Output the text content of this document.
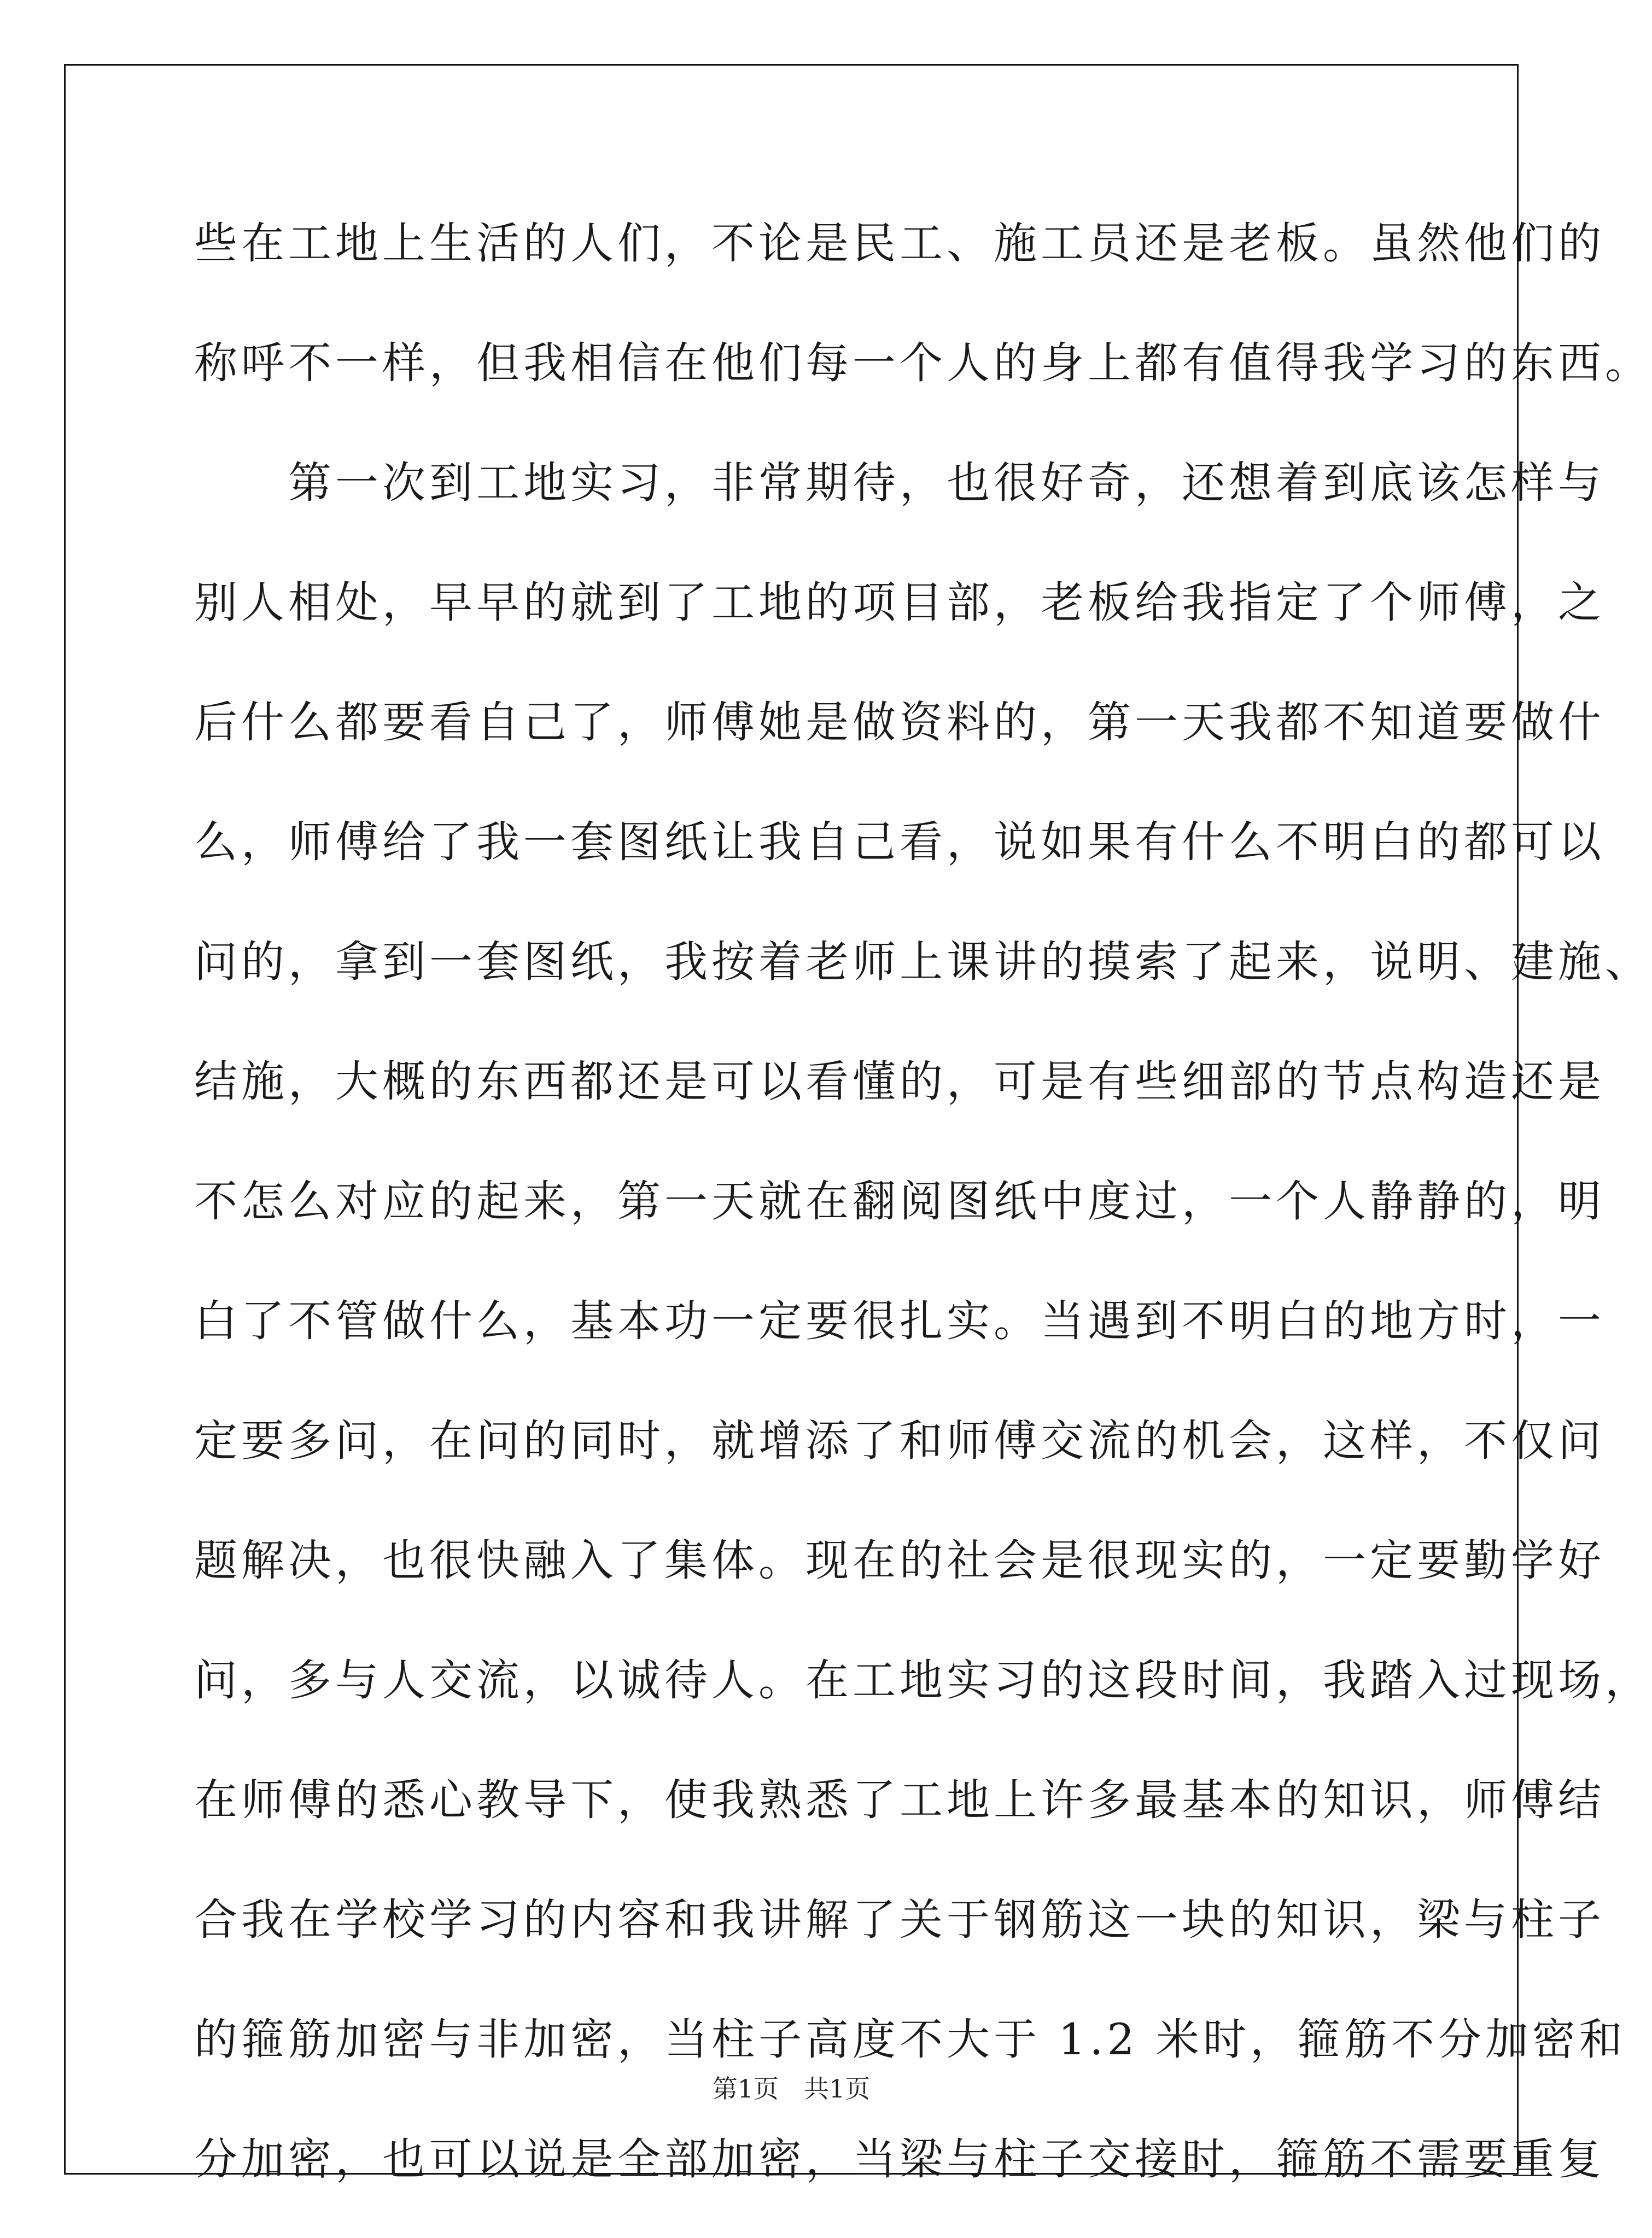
些在工地上生活的人们，不论是民工、施工员还是老板。虽然他们的
称呼不一样，但我相信在他们每一个人的身上都有值得我学习的东西。
第一次到工地实习，非常期待，也很好奇，还想着到底该怎样与
别人相处，早早的就到了工地的项目部，老板给我指定了个师傅，之
后什么都要看自己了，师傅她是做资料的，第一天我都不知道要做什
么，师傅给了我一套图纸让我自己看，说如果有什么不明白的都可以
问的，拿到一套图纸，我按着老师上课讲的摸索了起来，说明、建施、
结施，大概的东西都还是可以看懂的，可是有些细部的节点构造还是
不怎么对应的起来，第一天就在翻阅图纸中度过，一个人静静的，明
白了不管做什么，基本功一定要很扎实。当遇到不明白的地方时，一
定要多问，在问的同时，就增添了和师傅交流的机会，这样，不仅问
题解决，也很快融入了集体。现在的社会是很现实的，一定要勤学好
问，多与人交流，以诚待人。在工地实习的这段时间，我踏入过现场，
在师傅的悉心教导下，使我熟悉了工地上许多最基本的知识，师傅结
合我在学校学习的内容和我讲解了关于钢筋这一块的知识，梁与柱子
的箍筋加密与非加密，当柱子高度不大于 1.2 米时，箍筋不分加密和
分加密，也可以说是全部加密，当梁与柱子交接时，箍筋不需要重复
第1页　共1页
